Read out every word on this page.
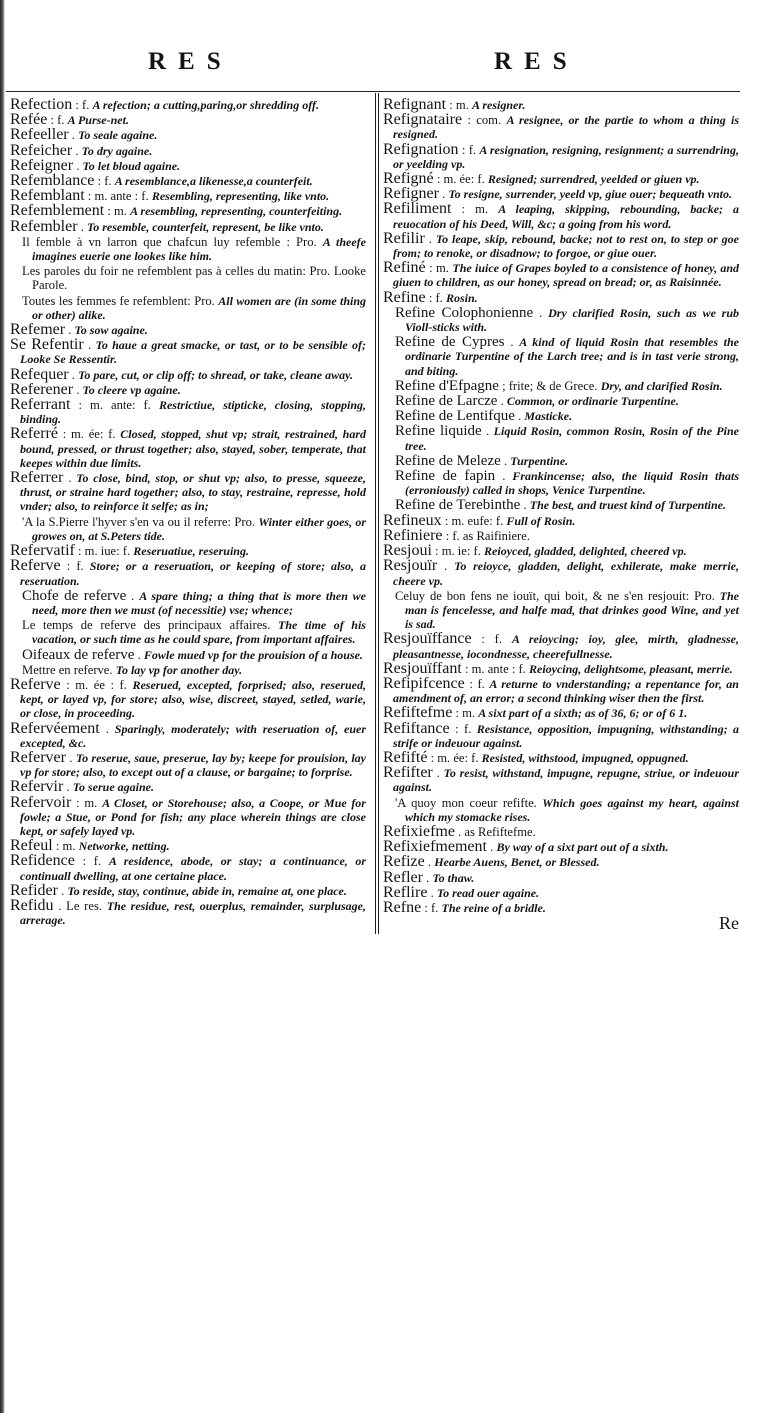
RES	RES

Refection : f. A refection; a cutting,paring,or shredding off.

Refée : f. A Purse-net.

Refeeller . To seale againe.

Refeicher . To dry againe.

Refeigner . To let bloud againe.

Refemblance : f. A resemblance,a likenesse,a counterfeit.

Refemblant : m. ante : f. Resembling, representing, like vnto.

Refemblement : m. A resembling, representing, counterfeiting.

Refembler . To resemble, counterfeit, represent, be like vnto.

Il femble à vn larron que chafcun luy refemble : Pro. A theefe imagines euerie one lookes like him.

Les paroles du foir ne refemblent pas à celles du matin: Pro. Looke Parole.

Toutes les femmes fe refemblent: Pro. All women are (in some thing or other) alike.

Refemer . To sow againe.

Se Refentir . To haue a great smacke, or tast, or to be sensible of; Looke Se Ressentir.

Refequer . To pare, cut, or clip off; to shread, or take, cleane away.

Referener . To cleere vp againe.

Referrant : m. ante: f. Restrictiue, stipticke, closing, stopping, binding.

Referré : m. ée: f. Closed, stopped, shut vp; strait, restrained, hard bound, pressed, or thrust together; also, stayed, sober, temperate, that keepes within due limits.

Referrer . To close, bind, stop, or shut vp; also, to presse, squeeze, thrust, or straine hard together; also, to stay, restraine, represse, hold vnder; also, to reinforce it selfe; as in;

'A la S.Pierre l'hyver s'en va ou il referre: Pro. Winter either goes, or growes on, at S.Peters tide.

Refervatif : m. iue: f. Reseruatiue, reseruing.

Referve : f. Store; or a reseruation, or keeping of store; also, a reseruation.

Chofe de referve . A spare thing; a thing that is more then we need, more then we must (of necessitie) vse; whence;

Le temps de referve des principaux affaires. The time of his vacation, or such time as he could spare, from important affaires.

Oifeaux de referve . Fowle mued vp for the prouision of a house.

Mettre en referve. To lay vp for another day.

Referve : m. ée : f. Reserued, excepted, forprised; also, reserued, kept, or layed vp, for store; also, wise, discreet, stayed, setled, warie, or close, in proceeding.

Refervéement . Sparingly, moderately; with reseruation of, euer excepted, &c.

Referver . To reserue, saue, preserue, lay by; keepe for prouision, lay vp for store; also, to except out of a clause, or bargaine; to forprise.

Refervir . To serue againe.

Refervoir : m. A Closet, or Storehouse; also, a Coope, or Mue for fowle; a Stue, or Pond for fish; any place wherein things are close kept, or safely layed vp.

Refeul : m. Networke, netting.

Refidence : f. A residence, abode, or stay; a continuance, or continuall dwelling, at one certaine place.

Refider . To reside, stay, continue, abide in, remaine at, one place.

Refidu . Le res. The residue, rest, ouerplus, remainder, surplusage, arrerage.

Refignant : m. A resigner.

Refignataire : com. A resignee, or the partie to whom a thing is resigned.

Refignation : f. A resignation, resigning, resignment; a surrendring, or yeelding vp.

Refigné : m. ée: f. Resigned; surrendred, yeelded or giuen vp.

Refigner . To resigne, surrender, yeeld vp, giue ouer; bequeath vnto.

Refiliment : m. A leaping, skipping, rebounding, backe; a reuocation of his Deed, Will, &c; a going from his word.

Refilir . To leape, skip, rebound, backe; not to rest on, to step or goe from; to renoke, or disadnow; to forgoe, or giue ouer.

Refiné : m. The iuice of Grapes boyled to a consistence of honey, and giuen to children, as our honey, spread on bread; or, as Raisinnée.

Refine : f. Rosin.

Refine Colophonienne . Dry clarified Rosin, such as we rub Violl-sticks with.

Refine de Cypres . A kind of liquid Rosin that resembles the ordinarie Turpentine of the Larch tree; and is in tast verie strong, and biting.

Refine d'Efpagne ; frite; & de Grece. Dry, and clarified Rosin.

Refine de Larcze . Common, or ordinarie Turpentine.

Refine de Lentifque . Masticke.

Refine liquide . Liquid Rosin, common Rosin, Rosin of the Pine tree.

Refine de Meleze . Turpentine.

Refine de fapin . Frankincense; also, the liquid Rosin thats (erroniously) called in shops, Venice Turpentine.

Refine de Terebinthe . The best, and truest kind of Turpentine.

Refineux : m. eufe: f. Full of Rosin.

Refiniere : f. as Raifiniere.

Resjoui : m. ie: f. Reioyced, gladded, delighted, cheered vp.

Resjouïr . To reioyce, gladden, delight, exhilerate, make merrie, cheere vp.

Celuy de bon fens ne iouït, qui boit, & ne s'en resjouit: Pro. The man is fencelesse, and halfe mad, that drinkes good Wine, and yet is sad.

Resjouïffance : f. A reioycing; ioy, glee, mirth, gladnesse, pleasantnesse, iocondnesse, cheerefullnesse.

Resjouïffant : m. ante : f. Reioycing, delightsome, pleasant, merrie.

Refipifcence : f. A returne to vnderstanding; a repentance for, an amendment of, an error; a second thinking wiser then the first.

Refiftefme : m. A sixt part of a sixth; as of 36, 6; or of 6 1.

Refiftance : f. Resistance, opposition, impugning, withstanding; a strife or indeuour against.

Refifté : m. ée: f. Resisted, withstood, impugned, oppugned.

Refifter . To resist, withstand, impugne, repugne, striue, or indeuour against.

'A quoy mon coeur refifte. Which goes against my heart, against which my stomacke rises.

Refixiefme . as Refiftefme.

Refixiefmement . By way of a sixt part out of a sixth.

Refize . Hearbe Auens, Benet, or Blessed.

Refler . To thaw.

Reflire . To read ouer againe.

Refne : f. The reine of a bridle.

Re
